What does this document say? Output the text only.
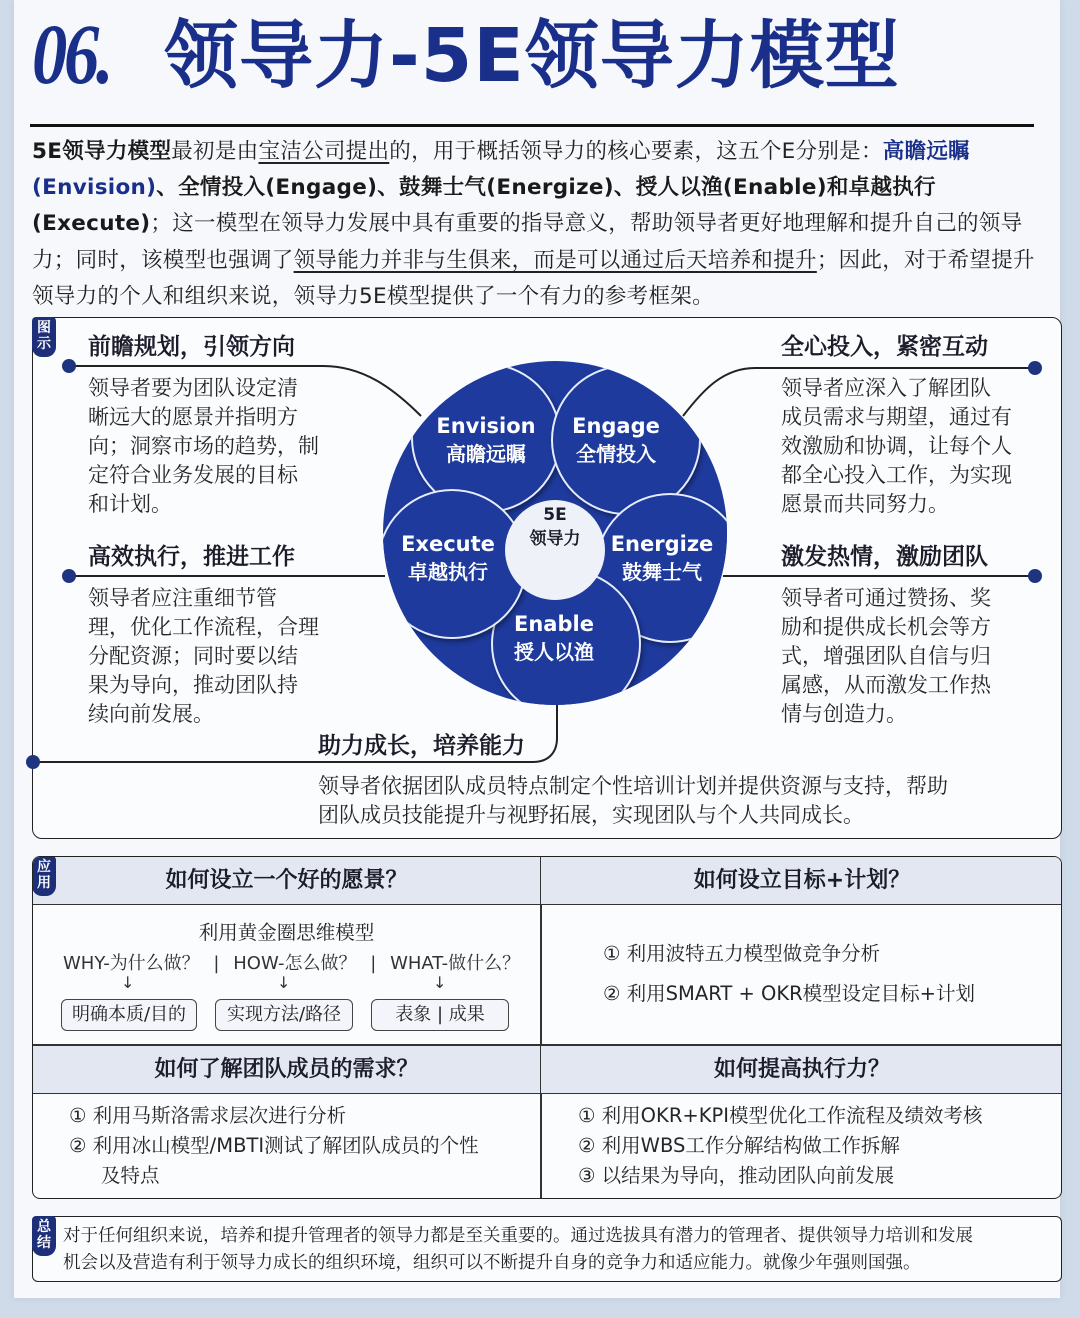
06. 领导力-5E领导力模型
5E领导力模型最初是由宝洁公司提出的，用于概括领导力的核心要素，这五个E分别是：高瞻远瞩(Envision)、全情投入(Engage)、鼓舞士气(Energize)、授人以渔(Enable)和卓越执行(Execute)；这一模型在领导力发展中具有重要的指导意义，帮助领导者更好地理解和提升自己的领导力；同时，该模型也强调了领导能力并非与生俱来，而是可以通过后天培养和提升；因此，对于希望提升领导力的个人和组织来说，领导力5E模型提供了一个有力的参考框架。
图示 前瞻规划，引领方向
领导者要为团队设定清
晰远大的愿景并指明方
向；洞察市场的趋势，制
定符合业务发展的目标
和计划。
全心投入，紧密互动
领导者应深入了解团队
成员需求与期望，通过有
效激励和协调，让每个人
都全心投入工作，为实现
愿景而共同努力。
高效执行，推进工作
领导者应注重细节管
理，优化工作流程，合理
分配资源；同时要以结
果为导向，推动团队持
续向前发展。
激发热情，激励团队
领导者可通过赞扬、奖
励和提供成长机会等方
式，增强团队自信与归
属感，从而激发工作热
情与创造力。
助力成长，培养能力
领导者依据团队成员特点制定个性培训计划并提供资源与支持，帮助
团队成员技能提升与视野拓展，实现团队与个人共同成长。
5E
领导力
Envision
高瞻远瞩
Engage
全情投入
Energize
鼓舞士气
Enable
授人以渔
Execute
卓越执行
如何设立一个好的愿景？
利用黄金圈思维模型
WHY-为什么做？ | HOW-怎么做？ | WHAT-做什么？
↓	↓	↓
明确本质/目的	实现方法/路径	表象 | 成果
如何设立目标+计划？
① 利用波特五力模型做竞争分析
② 利用SMART + OKR模型设定目标+计划
如何了解团队成员的需求？
① 利用马斯洛需求层次进行分析
② 利用冰山模型/MBTI测试了解团队成员的个性
及特点
如何提高执行力？
① 利用OKR+KPI模型优化工作流程及绩效考核
② 利用WBS工作分解结构做工作拆解
③ 以结果为导向，推动团队向前发展
应用
总结 对于任何组织来说，培养和提升管理者的领导力都是至关重要的。通过选拔具有潜力的管理者、提供领导力培训和发展
机会以及营造有利于领导力成长的组织环境，组织可以不断提升自身的竞争力和适应能力。就像少年强则国强。
